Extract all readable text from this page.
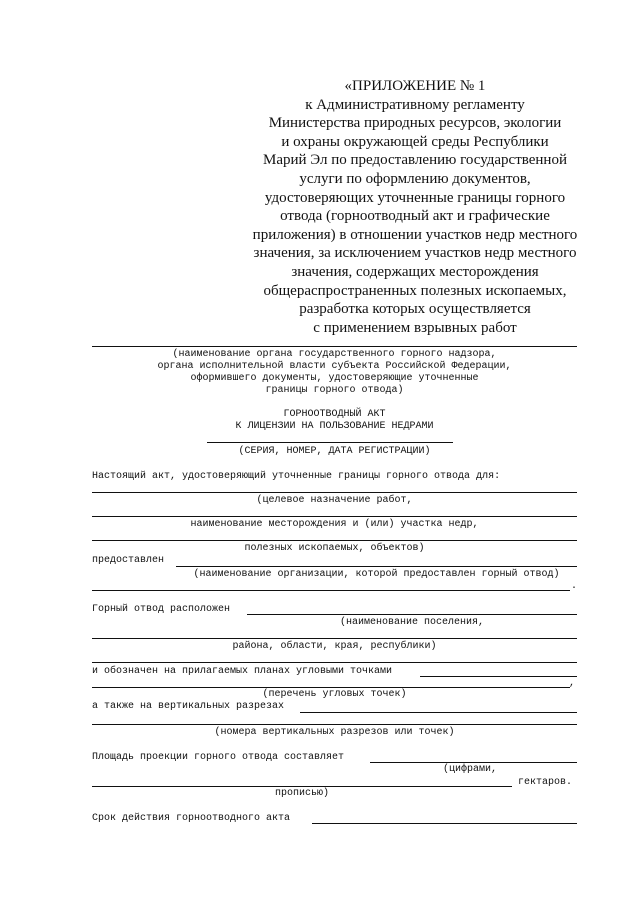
«ПРИЛОЖЕНИЕ № 1
к Административному регламенту
Министерства природных ресурсов, экологии
и охраны окружающей среды Республики
Марий Эл по предоставлению государственной
услуги по оформлению документов,
удостоверяющих уточненные границы горного
отвода (горноотводный акт и графические
приложения) в отношении участков недр местного
значения, за исключением участков недр местного
значения, содержащих месторождения
общераспространенных полезных ископаемых,
разработка которых осуществляется
с применением взрывных работ
(наименование органа государственного горного надзора,
органа исполнительной власти субъекта Российской Федерации,
оформившего документы, удостоверяющие уточненные
границы горного отвода)
ГОРНООТВОДНЫЙ АКТ
К ЛИЦЕНЗИИ НА ПОЛЬЗОВАНИЕ НЕДРАМИ
(СЕРИЯ, НОМЕР, ДАТА РЕГИСТРАЦИИ)
Настоящий акт, удостоверяющий уточненные границы горного отвода для:
(целевое назначение работ,
наименование месторождения и (или) участка недр,
полезных ископаемых, объектов)
предоставлен
(наименование организации, которой предоставлен горный отвод)
.
Горный отвод расположен
(наименование поселения,
района, области, края, республики)
и обозначен на прилагаемых планах угловыми точками
,
(перечень угловых точек)
а также на вертикальных разрезах
(номера вертикальных разрезов или точек)
Площадь проекции горного отвода составляет
(цифрами,
гектаров.
прописью)
Срок действия горноотводного акта
